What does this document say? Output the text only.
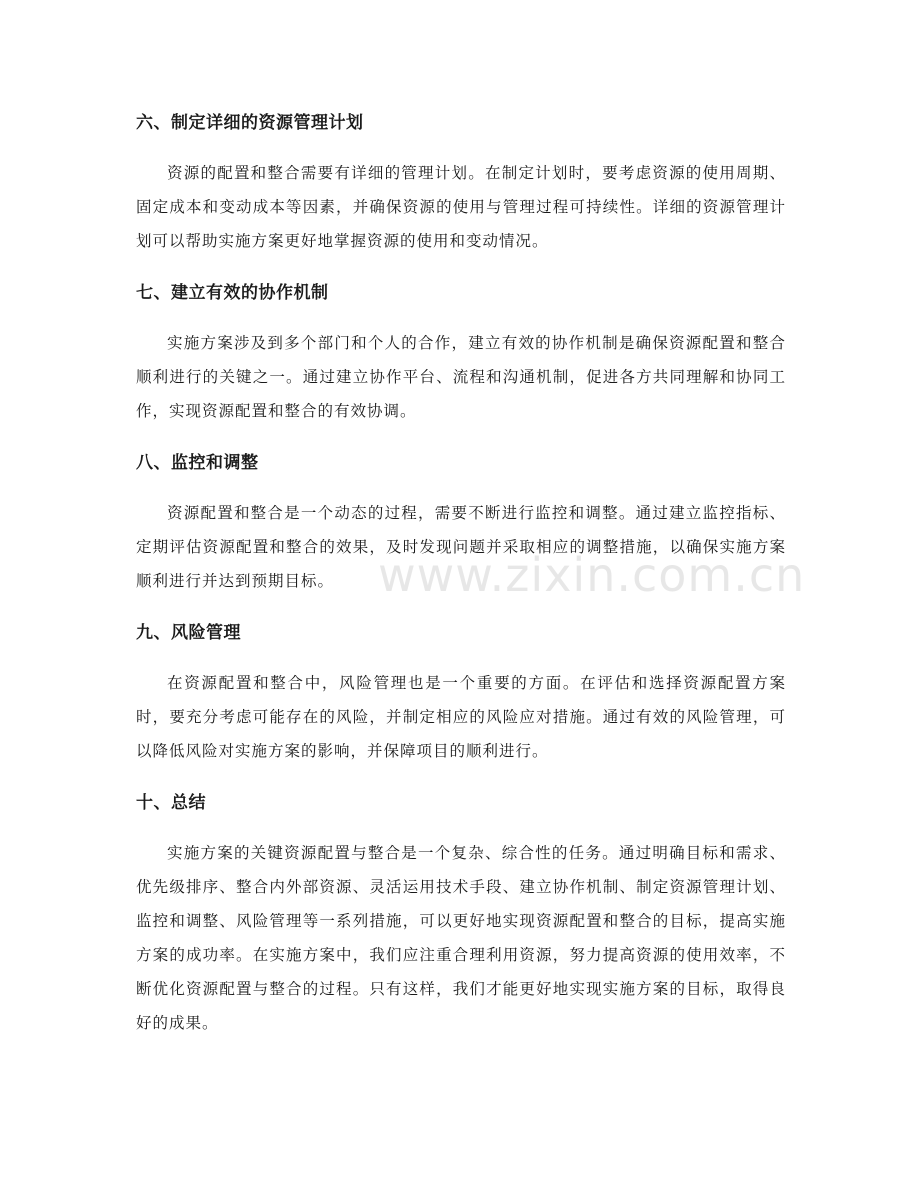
六、制定详细的资源管理计划

资源的配置和整合需要有详细的管理计划。在制定计划时，要考虑资源的使用周期、固定成本和变动成本等因素，并确保资源的使用与管理过程可持续性。详细的资源管理计划可以帮助实施方案更好地掌握资源的使用和变动情况。

七、建立有效的协作机制

实施方案涉及到多个部门和个人的合作，建立有效的协作机制是确保资源配置和整合顺利进行的关键之一。通过建立协作平台、流程和沟通机制，促进各方共同理解和协同工作，实现资源配置和整合的有效协调。

八、监控和调整

资源配置和整合是一个动态的过程，需要不断进行监控和调整。通过建立监控指标、定期评估资源配置和整合的效果，及时发现问题并采取相应的调整措施，以确保实施方案顺利进行并达到预期目标。

九、风险管理

在资源配置和整合中，风险管理也是一个重要的方面。在评估和选择资源配置方案时，要充分考虑可能存在的风险，并制定相应的风险应对措施。通过有效的风险管理，可以降低风险对实施方案的影响，并保障项目的顺利进行。

十、总结

实施方案的关键资源配置与整合是一个复杂、综合性的任务。通过明确目标和需求、优先级排序、整合内外部资源、灵活运用技术手段、建立协作机制、制定资源管理计划、监控和调整、风险管理等一系列措施，可以更好地实现资源配置和整合的目标，提高实施方案的成功率。在实施方案中，我们应注重合理利用资源，努力提高资源的使用效率，不断优化资源配置与整合的过程。只有这样，我们才能更好地实现实施方案的目标，取得良好的成果。

www.zixin.com.cn
